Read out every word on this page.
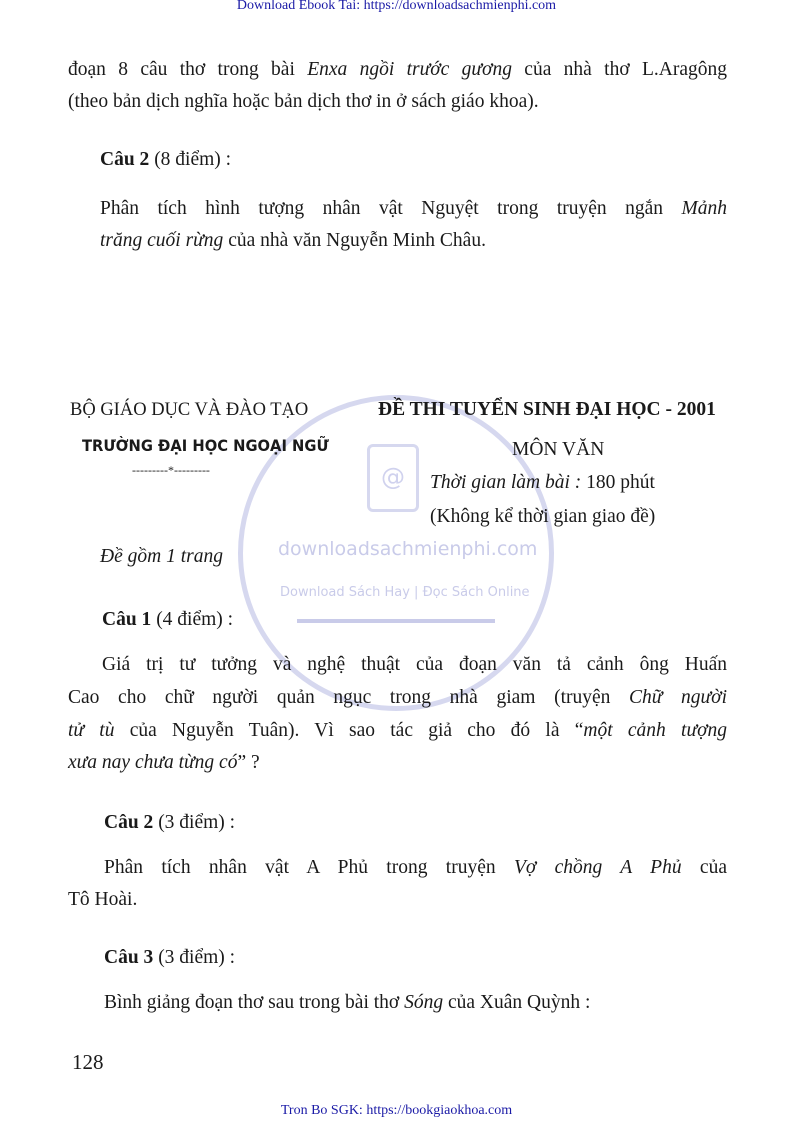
Download Ebook Tai: https://downloadsachmienphi.com
@
downloadsachmienphi.com
Download Sách Hay | Đọc Sách Online
đoạn 8 câu thơ trong bài Enxa ngồi trước gương của nhà thơ L.Aragông
(theo bản dịch nghĩa hoặc bản dịch thơ in ở sách giáo khoa).
Câu 2 (8 điểm) :
Phân tích hình tượng nhân vật Nguyệt trong truyện ngắn Mảnh
trăng cuối rừng của nhà văn Nguyễn Minh Châu.
Câu 1 (4 điểm) :
Giá trị tư tưởng và nghệ thuật của đoạn văn tả cảnh ông Huấn
Cao cho chữ người quản ngục trong nhà giam (truyện Chữ người
tử tù của Nguyễn Tuân). Vì sao tác giả cho đó là “một cảnh tượng
xưa nay chưa từng có” ?
Câu 2 (3 điểm) :
Phân tích nhân vật A Phủ trong truyện Vợ chồng A Phủ của
Tô Hoài.
Câu 3 (3 điểm) :
Bình giảng đoạn thơ sau trong bài thơ Sóng của Xuân Quỳnh :
BỘ GIÁO DỤC VÀ ĐÀO TẠO
TRƯỜNG ĐẠI HỌC NGOẠI NGỮ
---------*---------
ĐỀ THI TUYỂN SINH ĐẠI HỌC - 2001
MÔN VĂN
Thời gian làm bài : 180 phút
(Không kể thời gian giao đề)
Đề gồm 1 trang
128
Tron Bo SGK: https://bookgiaokhoa.com
